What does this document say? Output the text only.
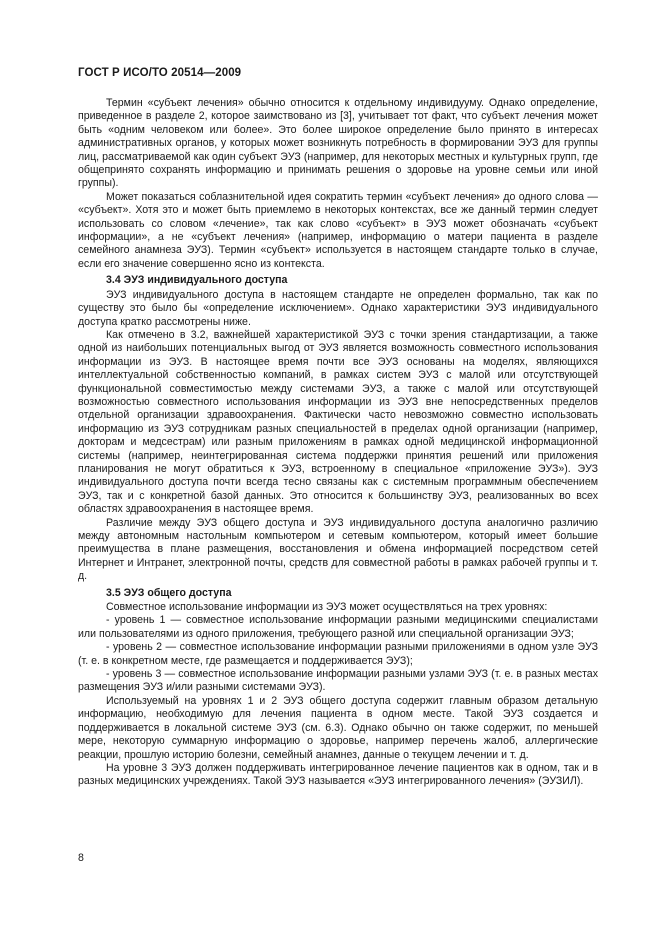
ГОСТ Р ИСО/ТО 20514—2009

Термин «субъект лечения» обычно относится к отдельному индивидууму. Однако определение, приведенное в разделе 2, которое заимствовано из [3], учитывает тот факт, что субъект лечения может быть «одним человеком или более». Это более широкое определение было принято в интересах административных органов, у которых может возникнуть потребность в формировании ЭУЗ для группы лиц, рассматриваемой как один субъект ЭУЗ (например, для некоторых местных и культурных групп, где общепринято сохранять информацию и принимать решения о здоровье на уровне семьи или иной группы).

Может показаться соблазнительной идея сократить термин «субъект лечения» до одного слова — «субъект». Хотя это и может быть приемлемо в некоторых контекстах, все же данный термин следует использовать со словом «лечение», так как слово «субъект» в ЭУЗ может обозначать «субъект информации», а не «субъект лечения» (например, информацию о матери пациента в разделе семейного анамнеза ЭУЗ). Термин «субъект» используется в настоящем стандарте только в случае, если его значение совершенно ясно из контекста.

3.4 ЭУЗ индивидуального доступа

ЭУЗ индивидуального доступа в настоящем стандарте не определен формально, так как по существу это было бы «определение исключением». Однако характеристики ЭУЗ индивидуального доступа кратко рассмотрены ниже.

Как отмечено в 3.2, важнейшей характеристикой ЭУЗ с точки зрения стандартизации, а также одной из наибольших потенциальных выгод от ЭУЗ является возможность совместного использования информации из ЭУЗ. В настоящее время почти все ЭУЗ основаны на моделях, являющихся интеллектуальной собственностью компаний, в рамках систем ЭУЗ с малой или отсутствующей функциональной совместимостью между системами ЭУЗ, а также с малой или отсутствующей возможностью совместного использования информации из ЭУЗ вне непосредственных пределов отдельной организации здравоохранения. Фактически часто невозможно совместно использовать информацию из ЭУЗ сотрудникам разных специальностей в пределах одной организации (например, докторам и медсестрам) или разным приложениям в рамках одной медицинской информационной системы (например, неинтегрированная система поддержки принятия решений или приложения планирования не могут обратиться к ЭУЗ, встроенному в специальное «приложение ЭУЗ»). ЭУЗ индивидуального доступа почти всегда тесно связаны как с системным программным обеспечением ЭУЗ, так и с конкретной базой данных. Это относится к большинству ЭУЗ, реализованных во всех областях здравоохранения в настоящее время.

Различие между ЭУЗ общего доступа и ЭУЗ индивидуального доступа аналогично различию между автономным настольным компьютером и сетевым компьютером, который имеет большие преимущества в плане размещения, восстановления и обмена информацией посредством сетей Интернет и Интранет, электронной почты, средств для совместной работы в рамках рабочей группы и т. д.

3.5 ЭУЗ общего доступа

Совместное использование информации из ЭУЗ может осуществляться на трех уровнях:

- уровень 1 — совместное использование информации разными медицинскими специалистами или пользователями из одного приложения, требующего разной или специальной организации ЭУЗ;

- уровень 2 — совместное использование информации разными приложениями в одном узле ЭУЗ (т. е. в конкретном месте, где размещается и поддерживается ЭУЗ);

- уровень 3 — совместное использование информации разными узлами ЭУЗ (т. е. в разных местах размещения ЭУЗ и/или разными системами ЭУЗ).

Используемый на уровнях 1 и 2 ЭУЗ общего доступа содержит главным образом детальную информацию, необходимую для лечения пациента в одном месте. Такой ЭУЗ создается и поддерживается в локальной системе ЭУЗ (см. 6.3). Однако обычно он также содержит, по меньшей мере, некоторую суммарную информацию о здоровье, например перечень жалоб, аллергические реакции, прошлую историю болезни, семейный анамнез, данные о текущем лечении и т. д.

На уровне 3 ЭУЗ должен поддерживать интегрированное лечение пациентов как в одном, так и в разных медицинских учреждениях. Такой ЭУЗ называется «ЭУЗ интегрированного лечения» (ЭУЗИЛ).

8
